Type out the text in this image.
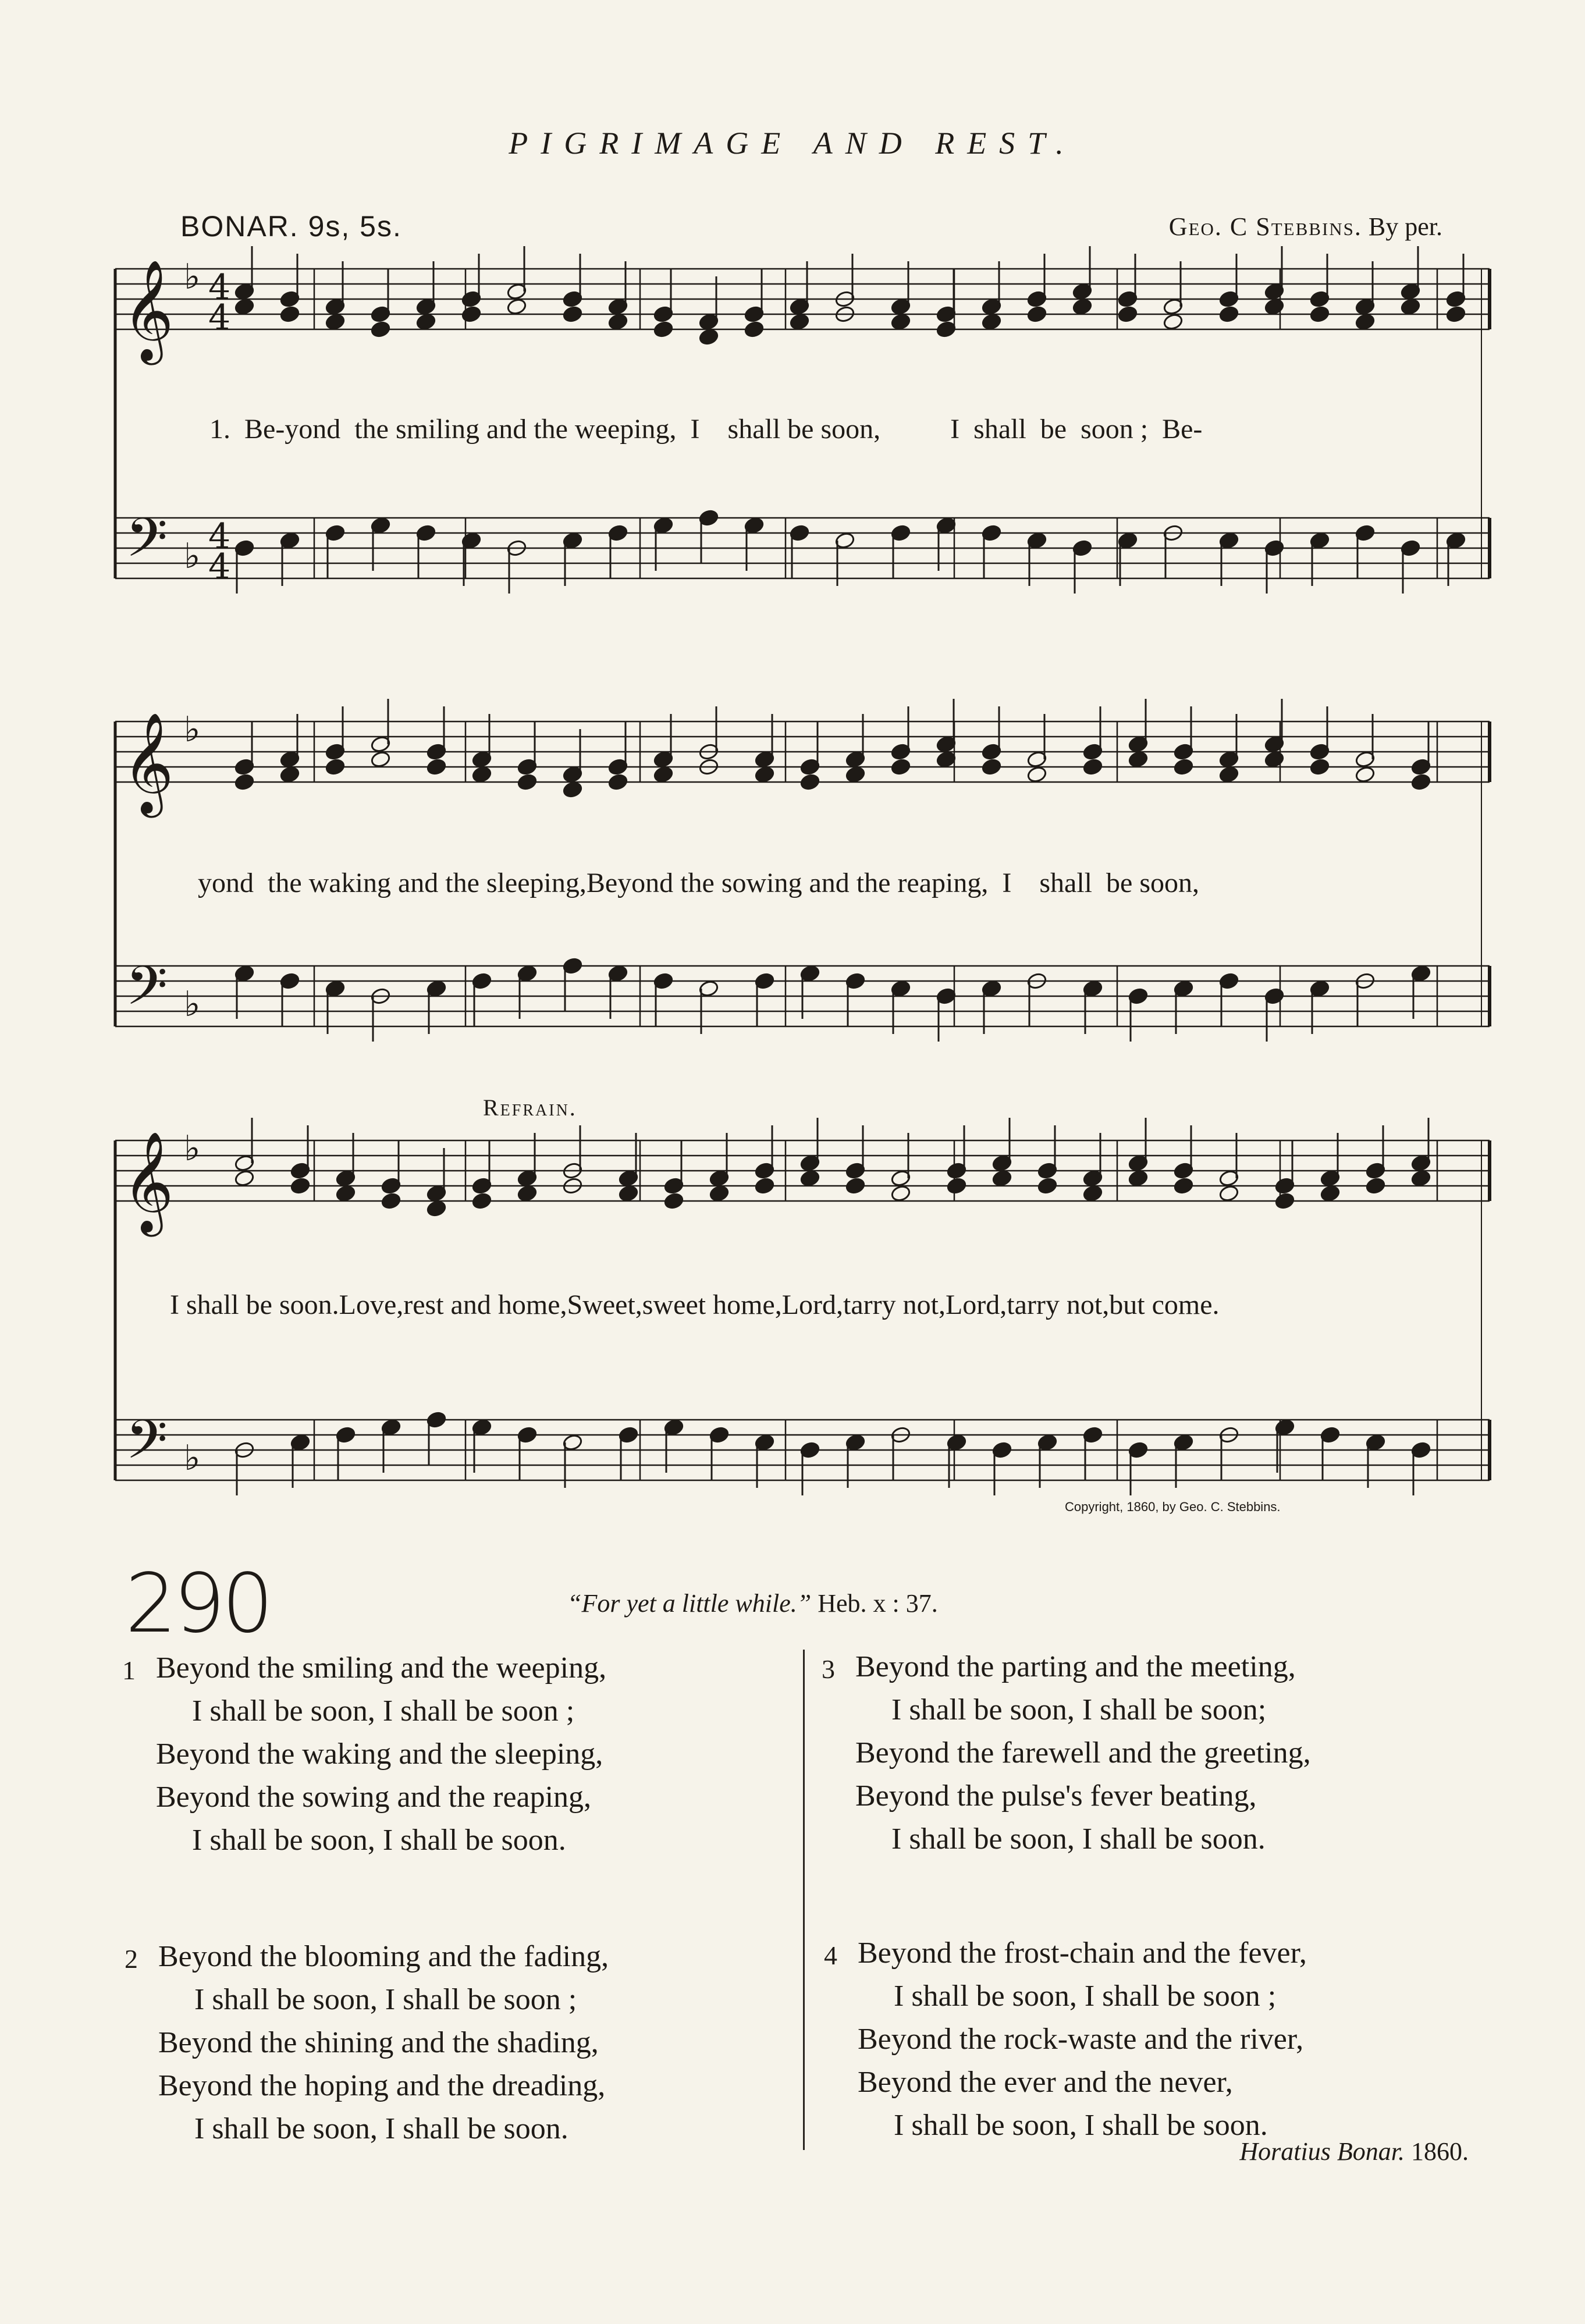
PIGRIMAGE AND REST.
BONAR. 9s, 5s.	Geo. C Stebbins. By per.
𝄞
𝄢
♭
♭
4
4
4
4
𝄞
𝄢
♭
♭
𝄞
𝄢
♭
♭
1.  Be-yond  the smiling and the weeping,  I    shall be soon,          I  shall  be  soon ;  Be-
yond  the waking and the sleeping,Beyond the sowing and the reaping,  I    shall  be soon,
Refrain.
I shall be soon.Love,rest and home,Sweet,sweet home,Lord,tarry not,Lord,tarry not,but come.
Copyright, 1860, by Geo. C. Stebbins.
290	“For yet a little while.” Heb. x : 37.
1 Beyond the smiling and the weeping,
I shall be soon, I shall be soon ;
Beyond the waking and the sleeping,
Beyond the sowing and the reaping,
I shall be soon, I shall be soon.
2 Beyond the blooming and the fading,
I shall be soon, I shall be soon ;
Beyond the shining and the shading,
Beyond the hoping and the dreading,
I shall be soon, I shall be soon.
3 Beyond the parting and the meeting,
I shall be soon, I shall be soon;
Beyond the farewell and the greeting,
Beyond the pulse's fever beating,
I shall be soon, I shall be soon.
4 Beyond the frost-chain and the fever,
I shall be soon, I shall be soon ;
Beyond the rock-waste and the river,
Beyond the ever and the never,
I shall be soon, I shall be soon.
Horatius Bonar. 1860.
